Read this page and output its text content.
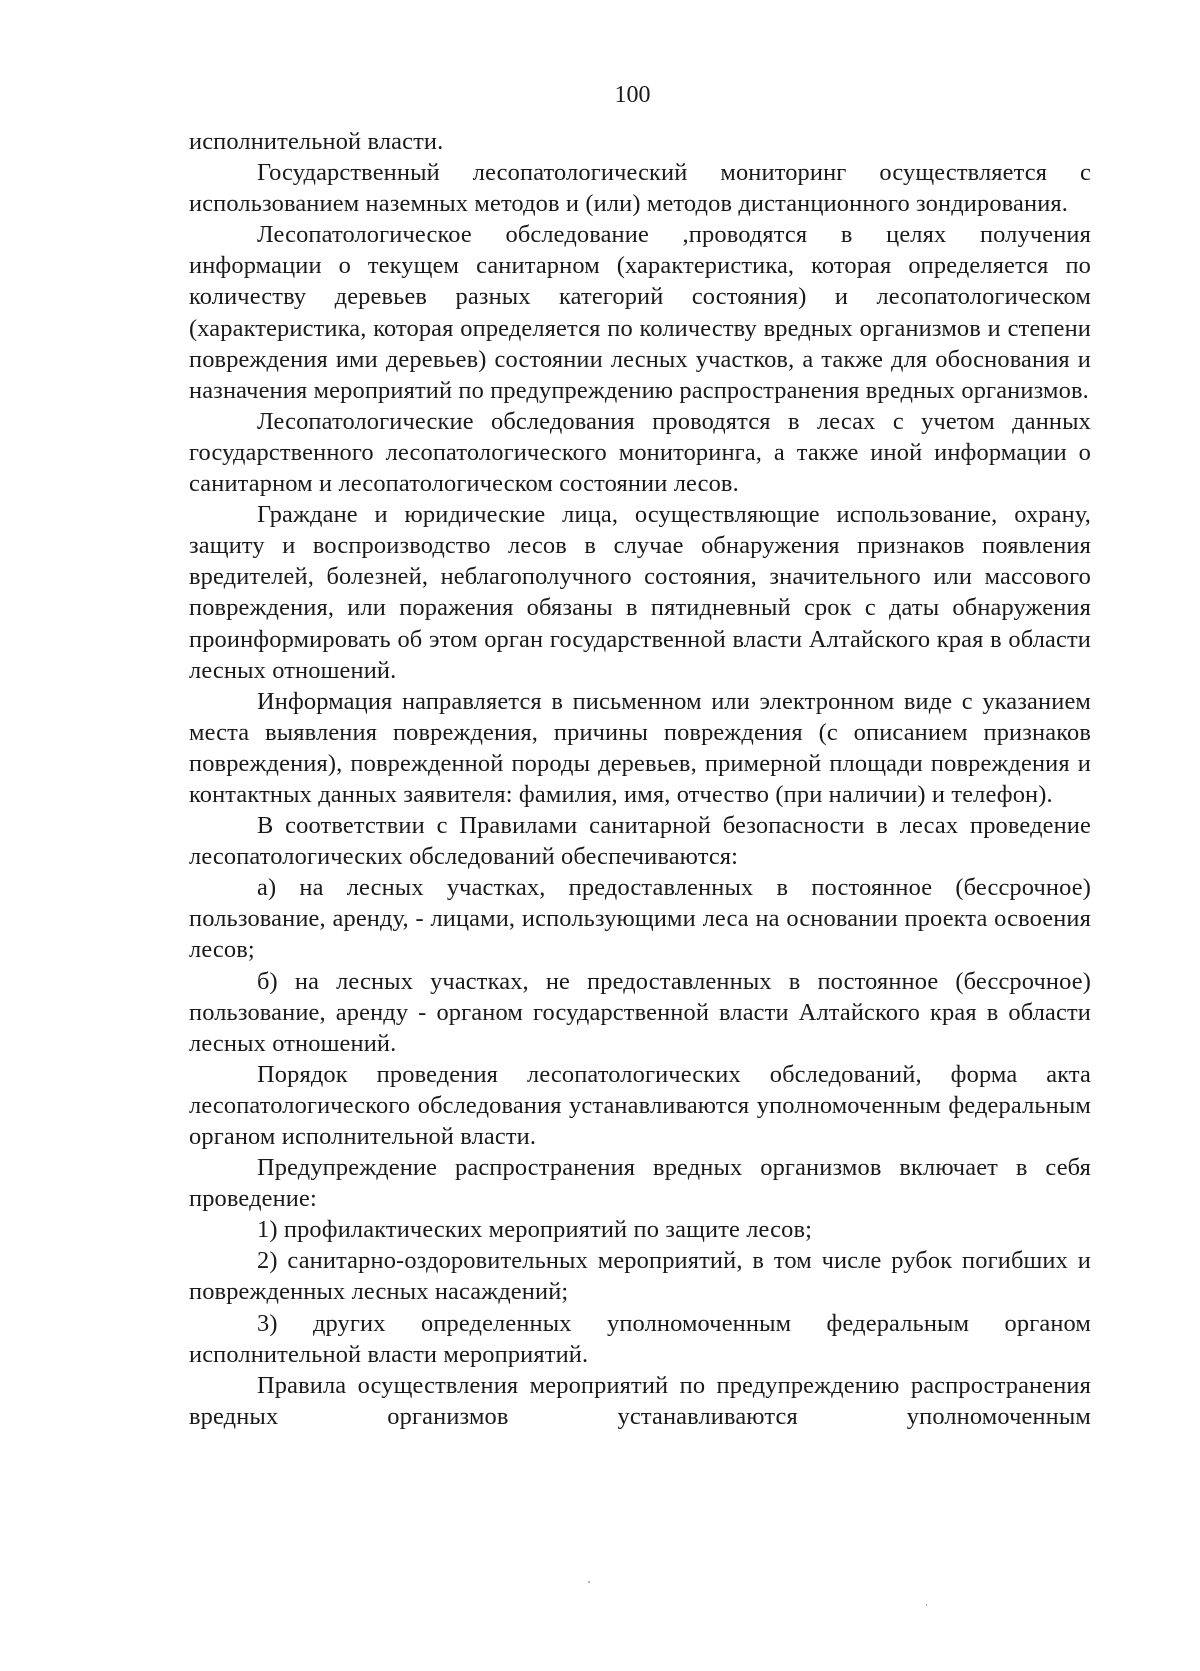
100

исполнительной власти.

Государственный лесопатологический мониторинг осуществляется с использованием наземных методов и (или) методов дистанционного зондирования.

Лесопатологическое обследование ,проводятся в целях получения информации о текущем санитарном (характеристика, которая определяется по количеству деревьев разных категорий состояния) и лесопатологическом (характеристика, которая определяется по количеству вредных организмов и степени повреждения ими деревьев) состоянии лесных участков, а также для обоснования и назначения мероприятий по предупреждению распространения вредных организмов.

Лесопатологические обследования проводятся в лесах с учетом данных государственного лесопатологического мониторинга, а также иной информации о санитарном и лесопатологическом состоянии лесов.

Граждане и юридические лица, осуществляющие использование, охрану, защиту и воспроизводство лесов в случае обнаружения признаков появления вредителей, болезней, неблагополучного состояния, значительного или массового повреждения, или поражения обязаны в пятидневный срок с даты обнаружения проинформировать об этом орган государственной власти Алтайского края в области лесных отношений.

Информация направляется в письменном или электронном виде с указанием места выявления повреждения, причины повреждения (с описанием признаков повреждения), поврежденной породы деревьев, примерной площади повреждения и контактных данных заявителя: фамилия, имя, отчество (при наличии) и телефон).

В соответствии с Правилами санитарной безопасности в лесах проведение лесопатологических обследований обеспечиваются:

а) на лесных участках, предоставленных в постоянное (бессрочное) пользование, аренду, - лицами, использующими леса на основании проекта освоения лесов;

б) на лесных участках, не предоставленных в постоянное (бессрочное) пользование, аренду - органом государственной власти Алтайского края в области лесных отношений.

Порядок проведения лесопатологических обследований, форма акта лесопатологического обследования устанавливаются уполномоченным федеральным органом исполнительной власти.

Предупреждение распространения вредных организмов включает в себя проведение:

1) профилактических мероприятий по защите лесов;

2) санитарно-оздоровительных мероприятий, в том числе рубок погибших и поврежденных лесных насаждений;

3) других определенных уполномоченным федеральным органом исполнительной власти мероприятий.

Правила осуществления мероприятий по предупреждению распространения вредных организмов устанавливаются уполномоченным
